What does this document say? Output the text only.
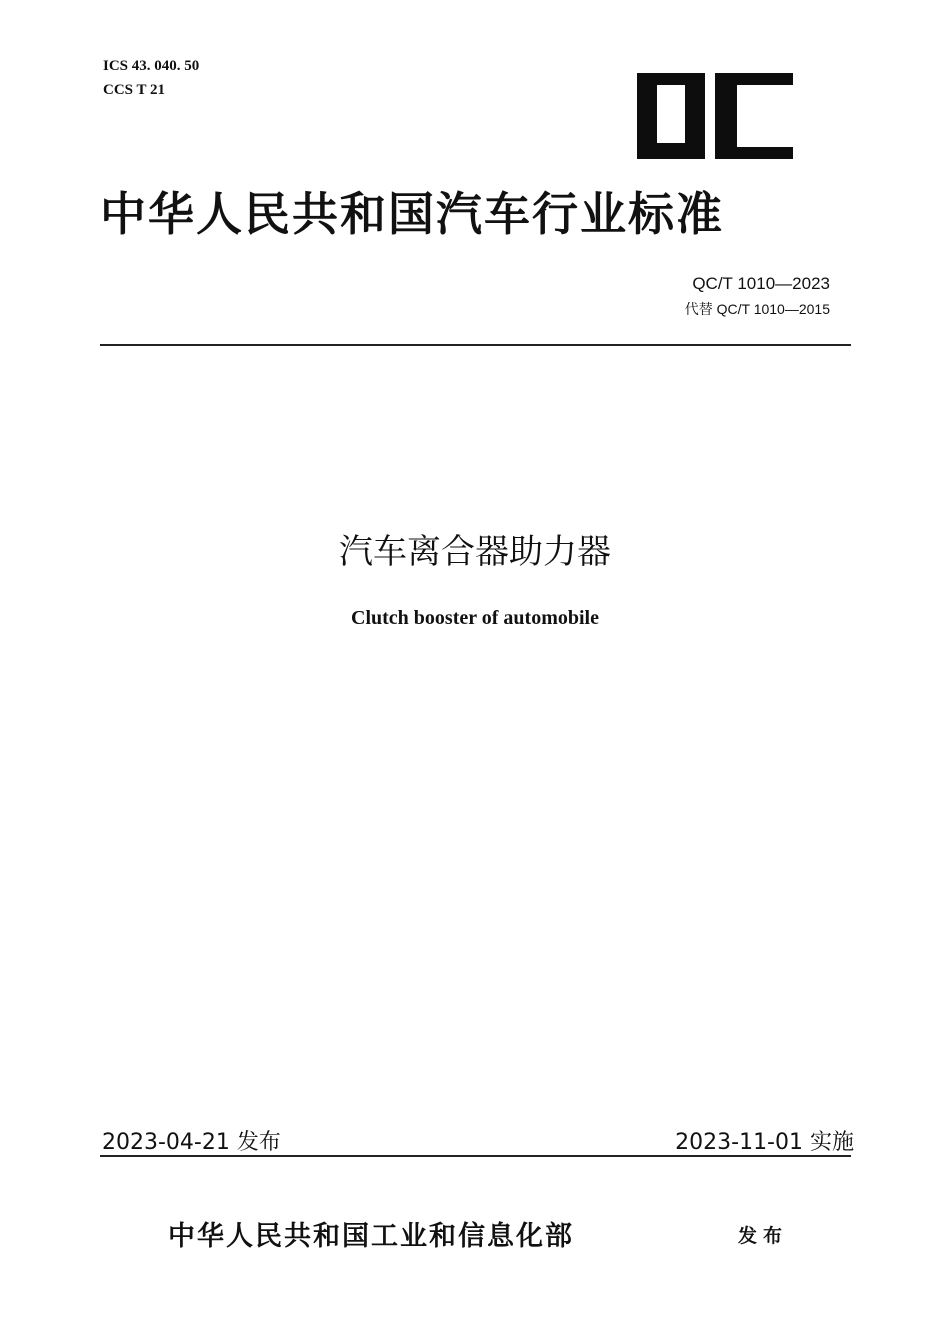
ICS 43. 040. 50
CCS T 21
中华人民共和国汽车行业标准
QC/T 1010—2023
代替 QC/T 1010—2015
汽车离合器助力器
Clutch booster of automobile
2023-04-21 发布	2023-11-01 实施
中华人民共和国工业和信息化部	发布
